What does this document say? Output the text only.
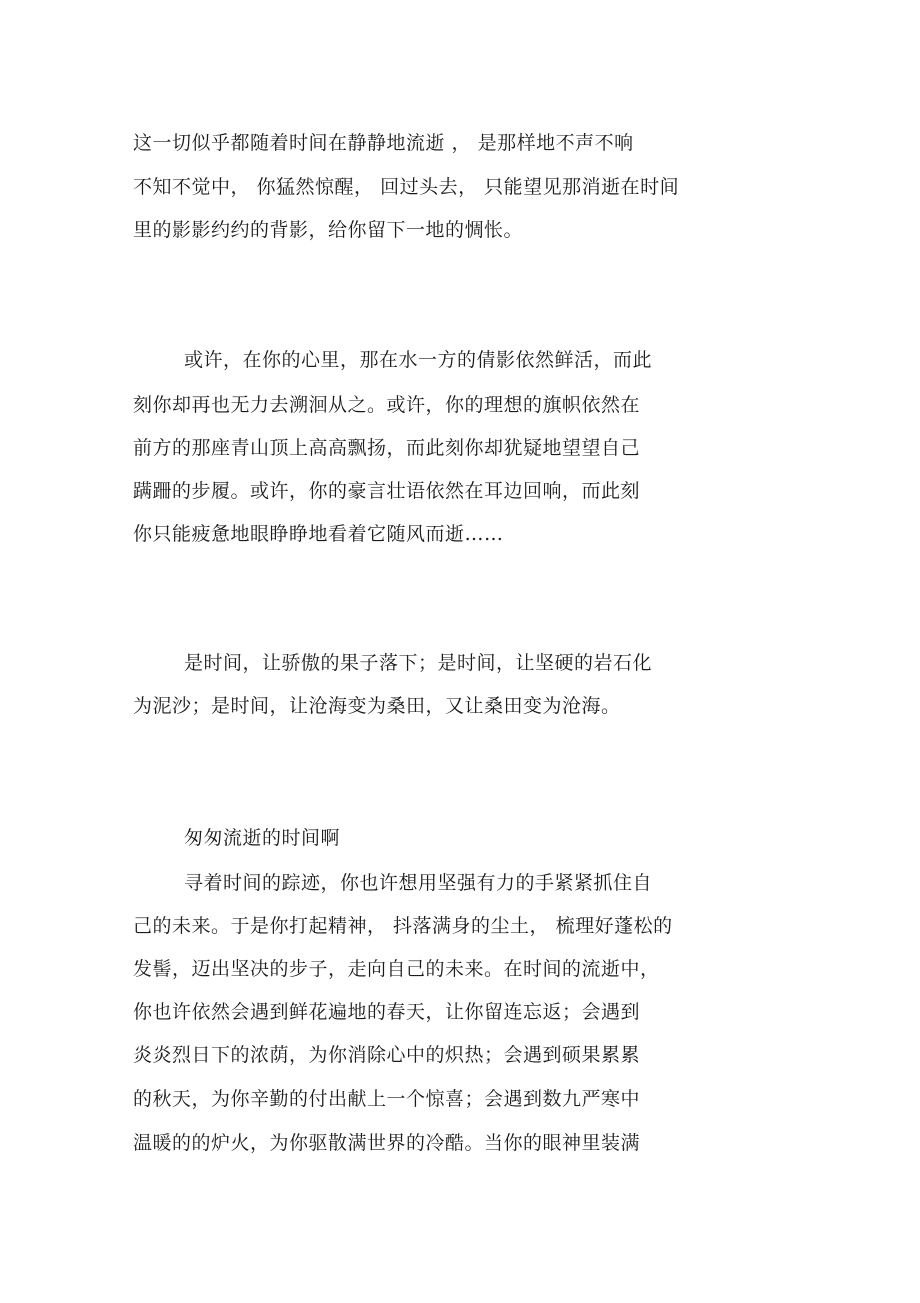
这一切似乎都随着时间在静静地流逝 ， 是那样地不声不响
不知不觉中， 你猛然惊醒， 回过头去， 只能望见那消逝在时间
里的影影约约的背影，给你留下一地的惆怅。
或许，在你的心里，那在水一方的倩影依然鲜活，而此
刻你却再也无力去溯洄从之。或许，你的理想的旗帜依然在
前方的那座青山顶上高高飘扬，而此刻你却犹疑地望望自己
蹒跚的步履。或许，你的豪言壮语依然在耳边回响，而此刻
你只能疲惫地眼睁睁地看着它随风而逝……
是时间，让骄傲的果子落下；是时间，让坚硬的岩石化
为泥沙；是时间，让沧海变为桑田，又让桑田变为沧海。
匆匆流逝的时间啊
寻着时间的踪迹，你也许想用坚强有力的手紧紧抓住自
己的未来。于是你打起精神， 抖落满身的尘土， 梳理好蓬松的
发髻，迈出坚决的步子，走向自己的未来。在时间的流逝中，
你也许依然会遇到鲜花遍地的春天，让你留连忘返；会遇到
炎炎烈日下的浓荫，为你消除心中的炽热；会遇到硕果累累
的秋天，为你辛勤的付出献上一个惊喜；会遇到数九严寒中
温暖的的炉火，为你驱散满世界的冷酷。当你的眼神里装满
